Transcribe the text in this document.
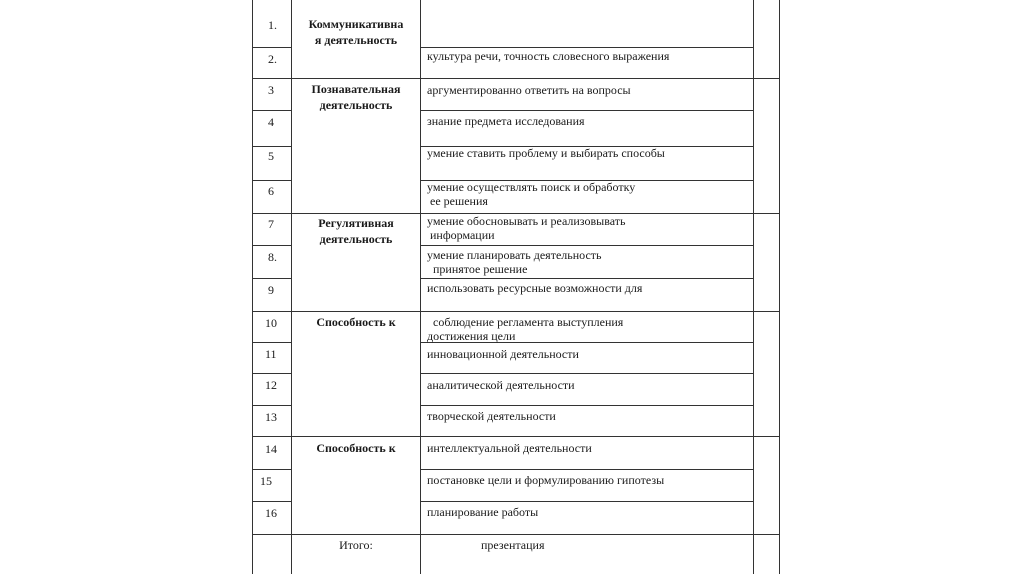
1.
2.
3
4
5
6
7
8.
9
10
11
12
13
14
15
16
Коммуникативна
я деятельность
Познавательная
деятельность
Регулятивная
деятельность
Способность к
Способность к

культура речи, точность словесного выражения

аргументированно ответить на вопросы

знание предмета исследования

умение ставить проблему и выбирать способы

ее решения

умение осуществлять поиск и обработку

информации

умение обосновывать и реализовывать

принятое решение

умение планировать деятельность

использовать ресурсные возможности для

достижения цели

соблюдение регламента выступления

инновационной деятельности

аналитической деятельности

творческой деятельности

интеллектуальной деятельности

постановке цели и формулированию гипотезы

планирование работы

презентация

Итого:
